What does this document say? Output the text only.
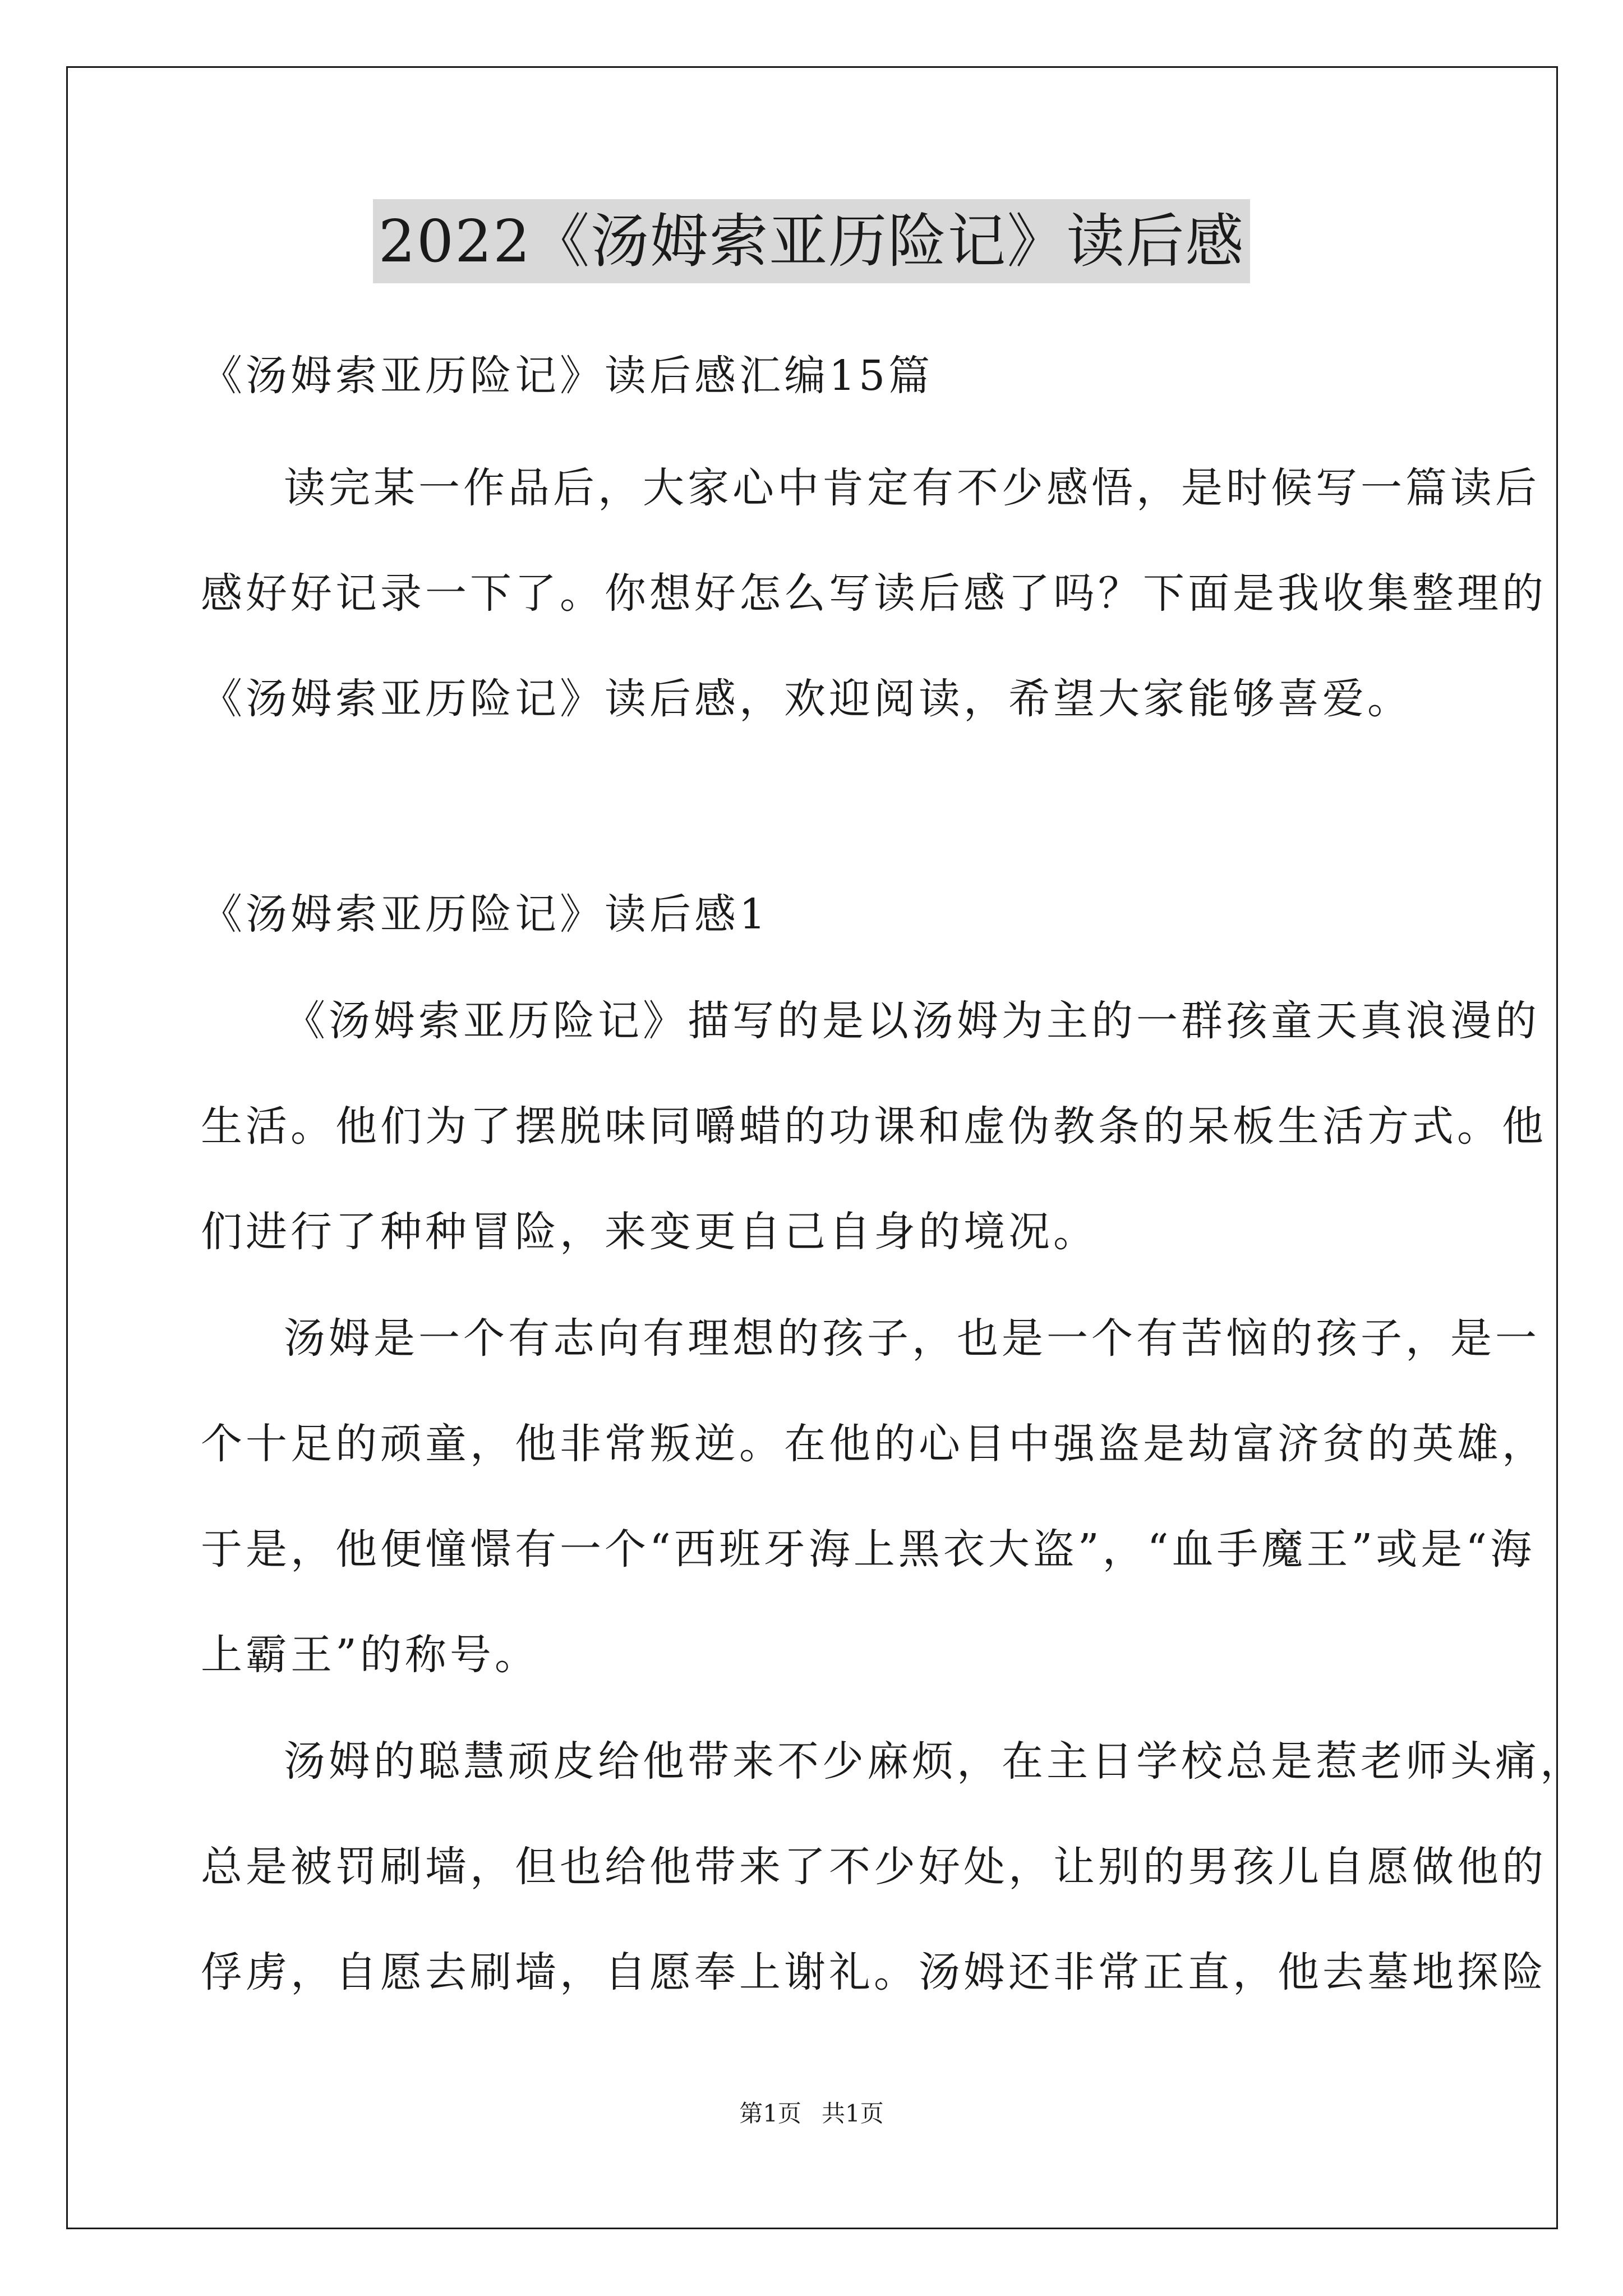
2022《汤姆索亚历险记》读后感
《汤姆索亚历险记》读后感汇编15篇
读完某一作品后，大家心中肯定有不少感悟，是时候写一篇读后
感好好记录一下了。你想好怎么写读后感了吗？下面是我收集整理的
《汤姆索亚历险记》读后感，欢迎阅读，希望大家能够喜爱。
《汤姆索亚历险记》读后感1
《汤姆索亚历险记》描写的是以汤姆为主的一群孩童天真浪漫的
生活。他们为了摆脱味同嚼蜡的功课和虚伪教条的呆板生活方式。他
们进行了种种冒险，来变更自己自身的境况。
汤姆是一个有志向有理想的孩子，也是一个有苦恼的孩子，是一
个十足的顽童，他非常叛逆。在他的心目中强盗是劫富济贫的英雄，
于是，他便憧憬有一个“西班牙海上黑衣大盗”，“血手魔王”或是“海
上霸王”的称号。
汤姆的聪慧顽皮给他带来不少麻烦，在主日学校总是惹老师头痛，
总是被罚刷墙，但也给他带来了不少好处，让别的男孩儿自愿做他的
俘虏，自愿去刷墙，自愿奉上谢礼。汤姆还非常正直，他去墓地探险
第1页 共1页
